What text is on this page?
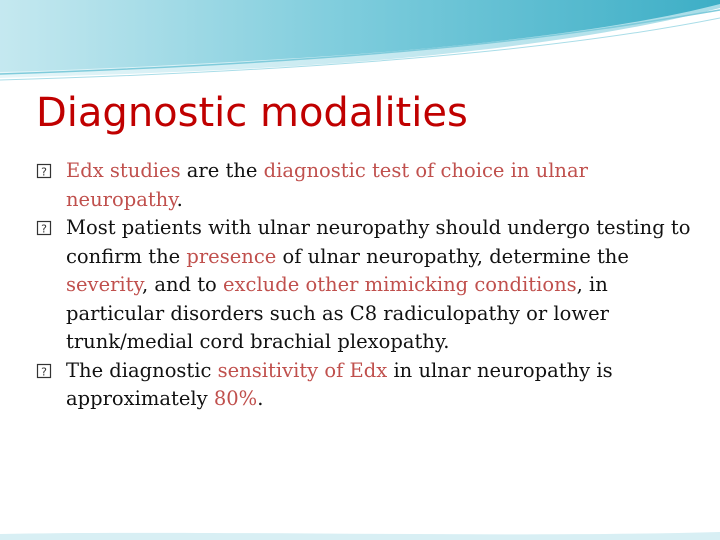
Diagnostic modalities
? Edx studies are the diagnostic test of choice in ulnar neuropathy.
? Most patients with ulnar neuropathy should undergo testing to confirm the presence of ulnar neuropathy, determine the severity, and to exclude other mimicking conditions, in particular disorders such as C8 radiculopathy or lower trunk/medial cord brachial plexopathy.
? The diagnostic sensitivity of Edx in ulnar neuropathy is approximately 80%.
